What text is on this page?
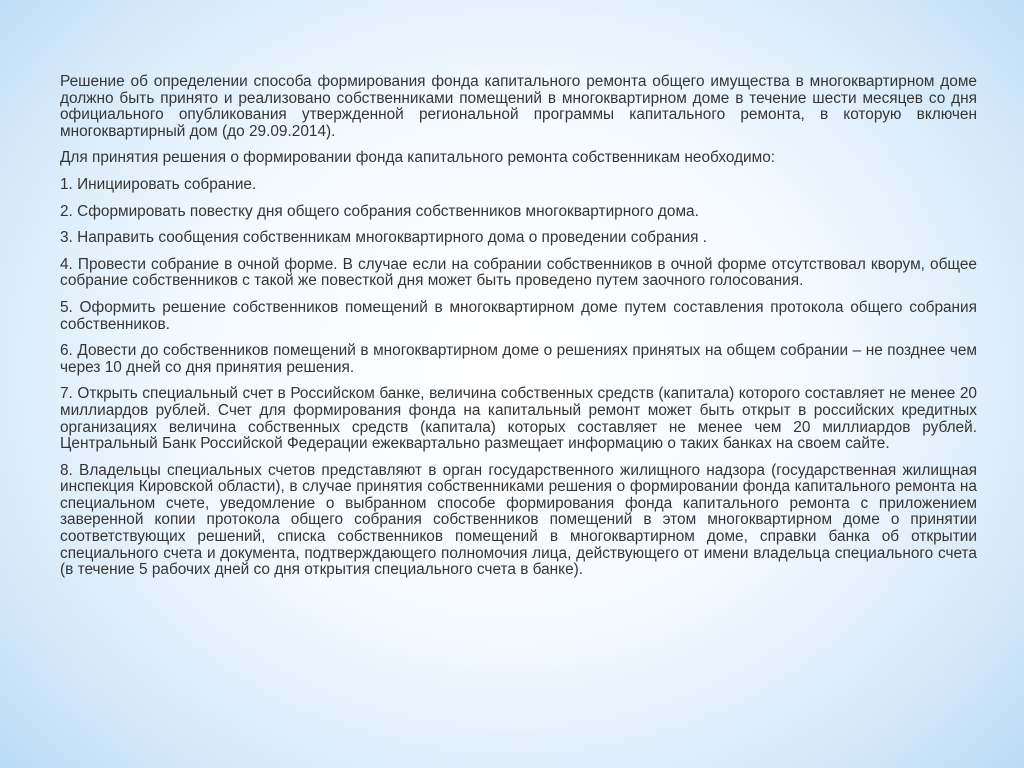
Решение об определении способа формирования фонда капитального ремонта общего имущества в многоквартирном доме должно быть принято и реализовано собственниками помещений в многоквартирном доме в течение шести месяцев со дня официального опубликования утвержденной региональной программы капитального ремонта, в которую включен многоквартирный дом (до 29.09.2014).

Для принятия решения о формировании фонда капитального ремонта собственникам необходимо:

1. Инициировать собрание.

2. Сформировать повестку дня общего собрания собственников многоквартирного дома.

3. Направить сообщения собственникам многоквартирного дома о проведении собрания .

4. Провести собрание в очной форме. В случае если на собрании собственников в очной форме отсутствовал кворум, общее собрание собственников с такой же повесткой дня может быть проведено путем заочного голосования.

5. Оформить решение собственников помещений в многоквартирном доме путем составления протокола общего собрания собственников.

6. Довести до собственников помещений в многоквартирном доме о решениях принятых на общем собрании – не позднее чем через 10 дней со дня принятия решения.

7. Открыть специальный счет в Российском банке, величина собственных средств (капитала) которого составляет не менее 20 миллиардов рублей. Счет для формирования фонда на капитальный ремонт может быть открыт в российских кредитных организациях величина собственных средств (капитала) которых составляет не менее чем 20 миллиардов рублей. Центральный Банк Российской Федерации ежеквартально размещает информацию о таких банках на своем сайте.

8. Владельцы специальных счетов представляют в орган государственного жилищного надзора (государственная жилищная инспекция Кировской области), в случае принятия собственниками решения о формировании фонда капитального ремонта на специальном счете, уведомление о выбранном способе формирования фонда капитального ремонта с приложением заверенной копии протокола общего собрания собственников помещений в этом многоквартирном доме о принятии соответствующих решений, списка собственников помещений в многоквартирном доме, справки банка об открытии специального счета и документа, подтверждающего полномочия лица, действующего от имени владельца специального счета (в течение 5 рабочих дней со дня открытия специального счета в банке).
